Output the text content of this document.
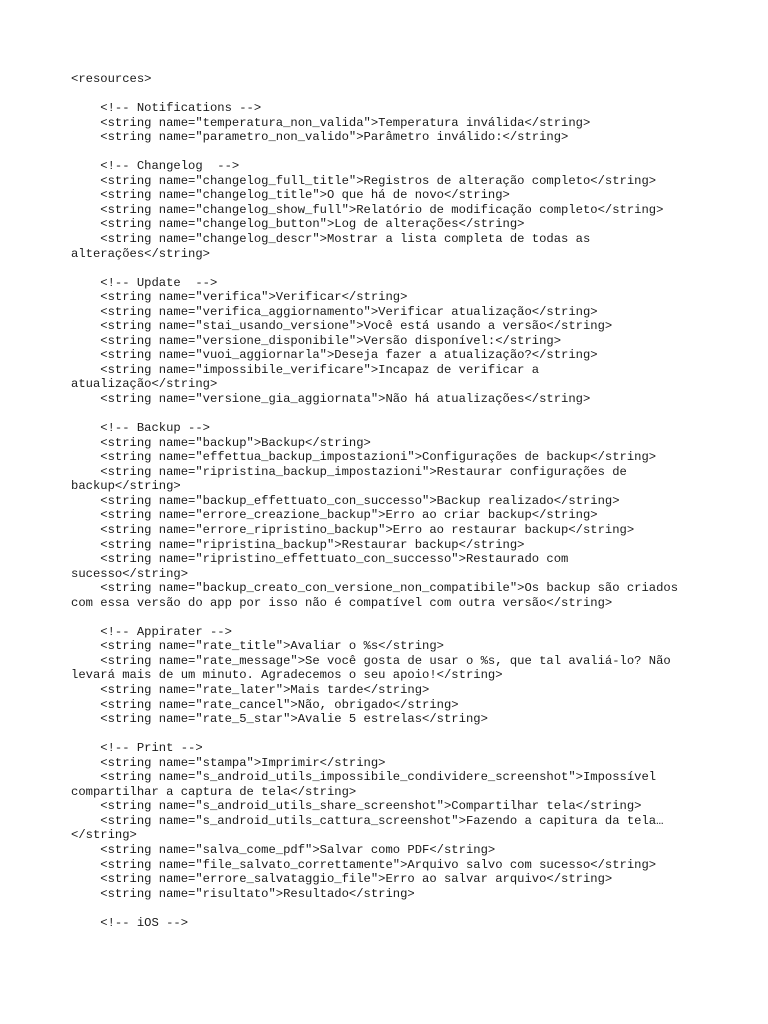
<resources>
<!-- Notifications -->
<string name="temperatura_non_valida">Temperatura inválida</string>
<string name="parametro_non_valido">Parâmetro inválido:</string>
<!-- Changelog  -->
<string name="changelog_full_title">Registros de alteração completo</string>
<string name="changelog_title">O que há de novo</string>
<string name="changelog_show_full">Relatório de modificação completo</string>
<string name="changelog_button">Log de alterações</string>
<string name="changelog_descr">Mostrar a lista completa de todas as
alterações</string>
<!-- Update  -->
<string name="verifica">Verificar</string>
<string name="verifica_aggiornamento">Verificar atualização</string>
<string name="stai_usando_versione">Você está usando a versão</string>
<string name="versione_disponibile">Versão disponível:</string>
<string name="vuoi_aggiornarla">Deseja fazer a atualização?</string>
<string name="impossibile_verificare">Incapaz de verificar a
atualização</string>
<string name="versione_gia_aggiornata">Não há atualizações</string>
<!-- Backup -->
<string name="backup">Backup</string>
<string name="effettua_backup_impostazioni">Configurações de backup</string>
<string name="ripristina_backup_impostazioni">Restaurar configurações de
backup</string>
<string name="backup_effettuato_con_successo">Backup realizado</string>
<string name="errore_creazione_backup">Erro ao criar backup</string>
<string name="errore_ripristino_backup">Erro ao restaurar backup</string>
<string name="ripristina_backup">Restaurar backup</string>
<string name="ripristino_effettuato_con_successo">Restaurado com
sucesso</string>
<string name="backup_creato_con_versione_non_compatibile">Os backup são criados
com essa versão do app por isso não é compatível com outra versão</string>
<!-- Appirater -->
<string name="rate_title">Avaliar o %s</string>
<string name="rate_message">Se você gosta de usar o %s, que tal avaliá-lo? Não
levará mais de um minuto. Agradecemos o seu apoio!</string>
<string name="rate_later">Mais tarde</string>
<string name="rate_cancel">Não, obrigado</string>
<string name="rate_5_star">Avalie 5 estrelas</string>
<!-- Print -->
<string name="stampa">Imprimir</string>
<string name="s_android_utils_impossibile_condividere_screenshot">Impossível
compartilhar a captura de tela</string>
<string name="s_android_utils_share_screenshot">Compartilhar tela</string>
<string name="s_android_utils_cattura_screenshot">Fazendo a capitura da tela…
</string>
<string name="salva_come_pdf">Salvar como PDF</string>
<string name="file_salvato_correttamente">Arquivo salvo com sucesso</string>
<string name="errore_salvataggio_file">Erro ao salvar arquivo</string>
<string name="risultato">Resultado</string>
<!-- iOS -->
